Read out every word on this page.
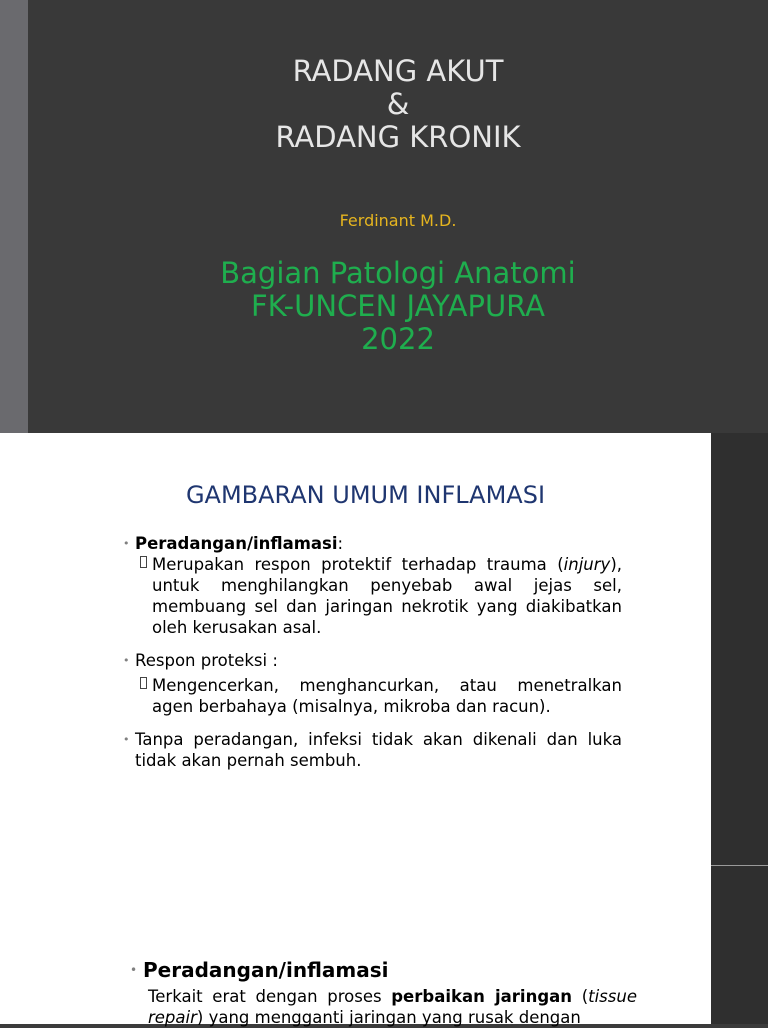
RADANG AKUT
&
RADANG KRONIK
Ferdinant M.D.
Bagian Patologi Anatomi
FK-UNCEN JAYAPURA
2022
GAMBARAN UMUM INFLAMASI
• Peradangan/inflamasi:
Merupakan respon protektif terhadap trauma (injury), untuk menghilangkan penyebab awal jejas sel, membuang sel dan jaringan nekrotik yang diakibatkan oleh kerusakan asal.
• Respon proteksi :
Mengencerkan, menghancurkan, atau menetralkan agen berbahaya (misalnya, mikroba dan racun).
• Tanpa peradangan, infeksi tidak akan dikenali dan luka tidak akan pernah sembuh.
• Peradangan/inflamasi
Terkait erat dengan proses perbaikan jaringan (tissue repair) yang mengganti jaringan yang rusak dengan
